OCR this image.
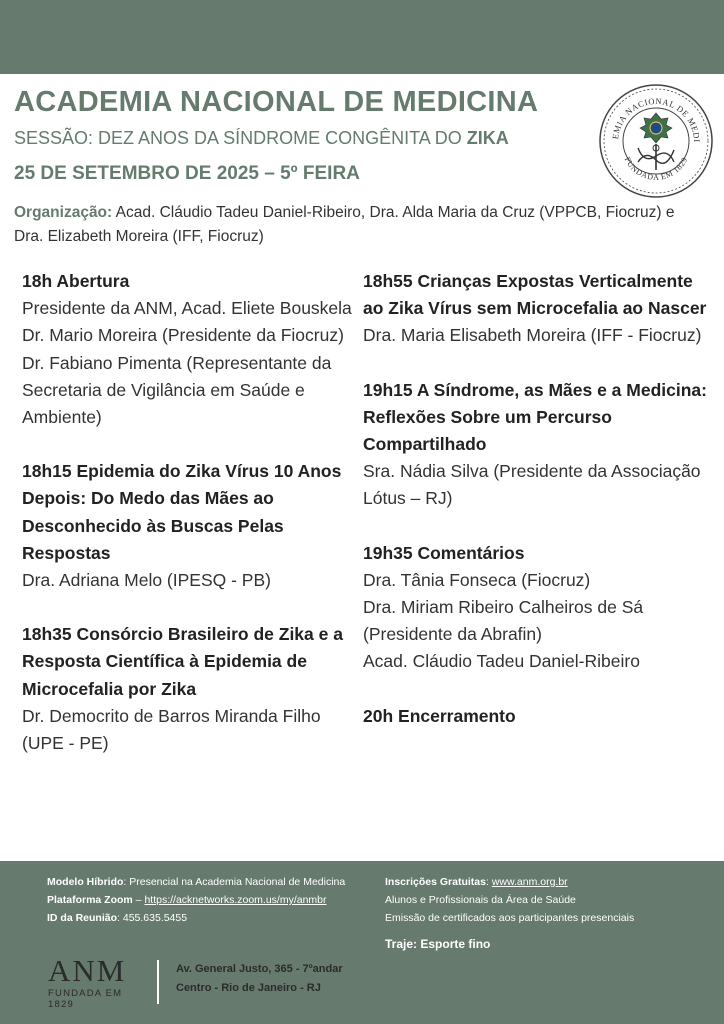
ACADEMIA NACIONAL DE MEDICINA
SESSÃO: DEZ ANOS DA SÍNDROME CONGÊNITA DO ZIKA
25 DE SETEMBRO DE 2025 – 5º FEIRA
EMIA NACIONAL DE MEDI
FUNDADA EM 1829
Organização: Acad. Cláudio Tadeu Daniel-Ribeiro, Dra. Alda Maria da Cruz (VPPCB, Fiocruz) e Dra. Elizabeth Moreira (IFF, Fiocruz)
18h Abertura
Presidente da ANM, Acad. Eliete Bouskela
Dr. Mario Moreira (Presidente da Fiocruz)
Dr. Fabiano Pimenta (Representante da Secretaria de Vigilância em Saúde e Ambiente)
18h15 Epidemia do Zika Vírus 10 Anos Depois: Do Medo das Mães ao Desconhecido às Buscas Pelas Respostas
Dra. Adriana Melo (IPESQ - PB)
18h35 Consórcio Brasileiro de Zika e a Resposta Científica à Epidemia de Microcefalia por Zika
Dr. Democrito de Barros Miranda Filho (UPE - PE)
18h55 Crianças Expostas Verticalmente ao Zika Vírus sem Microcefalia ao Nascer
Dra. Maria Elisabeth Moreira (IFF - Fiocruz)
19h15 A Síndrome, as Mães e a Medicina: Reflexões Sobre um Percurso Compartilhado
Sra. Nádia Silva (Presidente da Associação Lótus – RJ)
19h35 Comentários
Dra. Tânia Fonseca (Fiocruz)
Dra. Miriam Ribeiro Calheiros de Sá (Presidente da Abrafin)
Acad. Cláudio Tadeu Daniel-Ribeiro
20h Encerramento
Modelo Híbrido: Presencial na Academia Nacional de Medicina
Plataforma Zoom – https://acknetworks.zoom.us/my/anmbr
ID da Reunião: 455.635.5455
Inscrições Gratuitas: www.anm.org.br
Alunos e Profissionais da Área de Saúde
Emissão de certificados aos participantes presenciais
Traje: Esporte fino
ANM
FUNDADA EM 1829
Av. General Justo, 365 - 7ºandar
Centro - Rio de Janeiro - RJ
